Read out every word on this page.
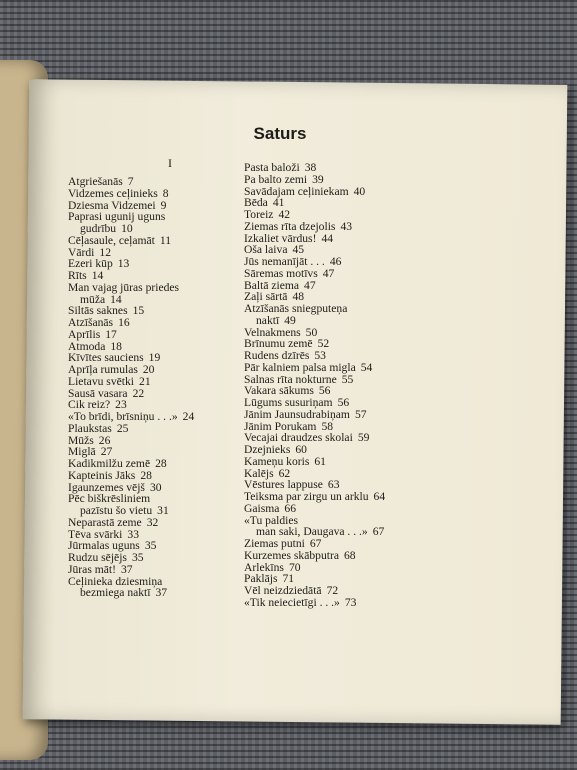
Saturs
I
Atgriešanās 7
Vidzemes ceļinieks 8
Dziesma Vidzemei 9
Paprasi ugunij uguns
gudrību 10
Cēļasaule, ceļamāt 11
Vārdi 12
Ezeri kūp 13
Rīts 14
Man vajag jūras priedes
mūža 14
Siltās saknes 15
Atzīšanās 16
Aprīlis 17
Atmoda 18
Kīvītes sauciens 19
Aprīļa rumulas 20
Lietavu svētki 21
Sausā vasara 22
Cik reiz? 23
«To brīdi, brīsniņu . . .» 24
Plaukstas 25
Mūžs 26
Miglā 27
Kadikmilžu zemē 28
Kapteinis Jāks 28
Igaunzemes vējš 30
Pēc biškrēsliniem
pazīstu šo vietu 31
Neparastā zeme 32
Tēva svārki 33
Jūrmalas uguns 35
Rudzu sējējs 35
Jūras māt! 37
Ceļinieka dziesmiņa
bezmiega naktī 37
Pasta baloži 38
Pa balto zemi 39
Savādajam ceļiniekam 40
Bēda 41
Toreiz 42
Ziemas rīta dzejolis 43
Izkaliet vārdus! 44
Oša laiva 45
Jūs nemanījāt . . . 46
Sāremas motīvs 47
Baltā ziema 47
Zaļi sārtā 48
Atzīšanās sniegputeņa
naktī 49
Velnakmens 50
Brīnumu zemē 52
Rudens dzīrēs 53
Pār kalniem palsa migla 54
Salnas rīta nokturne 55
Vakara sākums 56
Lūgums susuriņam 56
Jānim Jaunsudrabiņam 57
Jānim Porukam 58
Vecajai draudzes skolai 59
Dzejnieks 60
Kameņu koris 61
Kalējs 62
Vēstures lappuse 63
Teiksma par zirgu un arklu 64
Gaisma 66
«Tu paldies
man saki, Daugava . . .» 67
Ziemas putni 67
Kurzemes skābputra 68
Arlekīns 70
Paklājs 71
Vēl neizdziedātā 72
«Tik neiecietīgi . . .» 73
